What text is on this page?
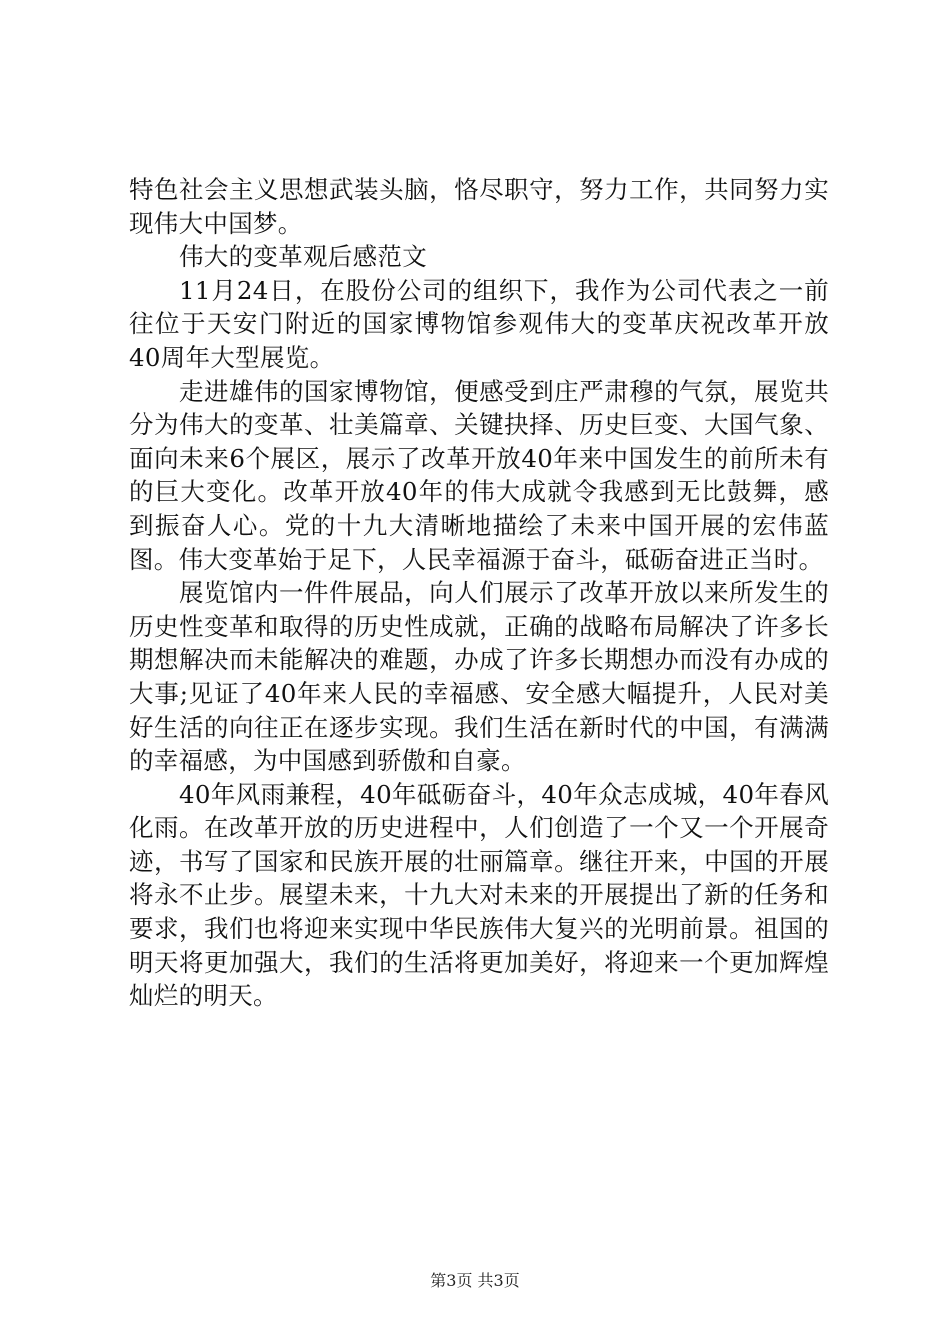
特色社会主义思想武装头脑，恪尽职守，努力工作，共同努力实现伟大中国梦。

伟大的变革观后感范文

11月24日，在股份公司的组织下，我作为公司代表之一前往位于天安门附近的国家博物馆参观伟大的变革庆祝改革开放40周年大型展览。

走进雄伟的国家博物馆，便感受到庄严肃穆的气氛，展览共分为伟大的变革、壮美篇章、关键抉择、历史巨变、大国气象、面向未来6个展区，展示了改革开放40年来中国发生的前所未有的巨大变化。改革开放40年的伟大成就令我感到无比鼓舞，感到振奋人心。党的十九大清晰地描绘了未来中国开展的宏伟蓝图。伟大变革始于足下，人民幸福源于奋斗，砥砺奋进正当时。

展览馆内一件件展品，向人们展示了改革开放以来所发生的历史性变革和取得的历史性成就，正确的战略布局解决了许多长期想解决而未能解决的难题，办成了许多长期想办而没有办成的大事;见证了40年来人民的幸福感、安全感大幅提升，人民对美好生活的向往正在逐步实现。我们生活在新时代的中国，有满满的幸福感，为中国感到骄傲和自豪。

40年风雨兼程，40年砥砺奋斗，40年众志成城，40年春风化雨。在改革开放的历史进程中，人们创造了一个又一个开展奇迹，书写了国家和民族开展的壮丽篇章。继往开来，中国的开展将永不止步。展望未来，十九大对未来的开展提出了新的任务和要求，我们也将迎来实现中华民族伟大复兴的光明前景。祖国的明天将更加强大，我们的生活将更加美好，将迎来一个更加辉煌灿烂的明天。

第3页 共3页
